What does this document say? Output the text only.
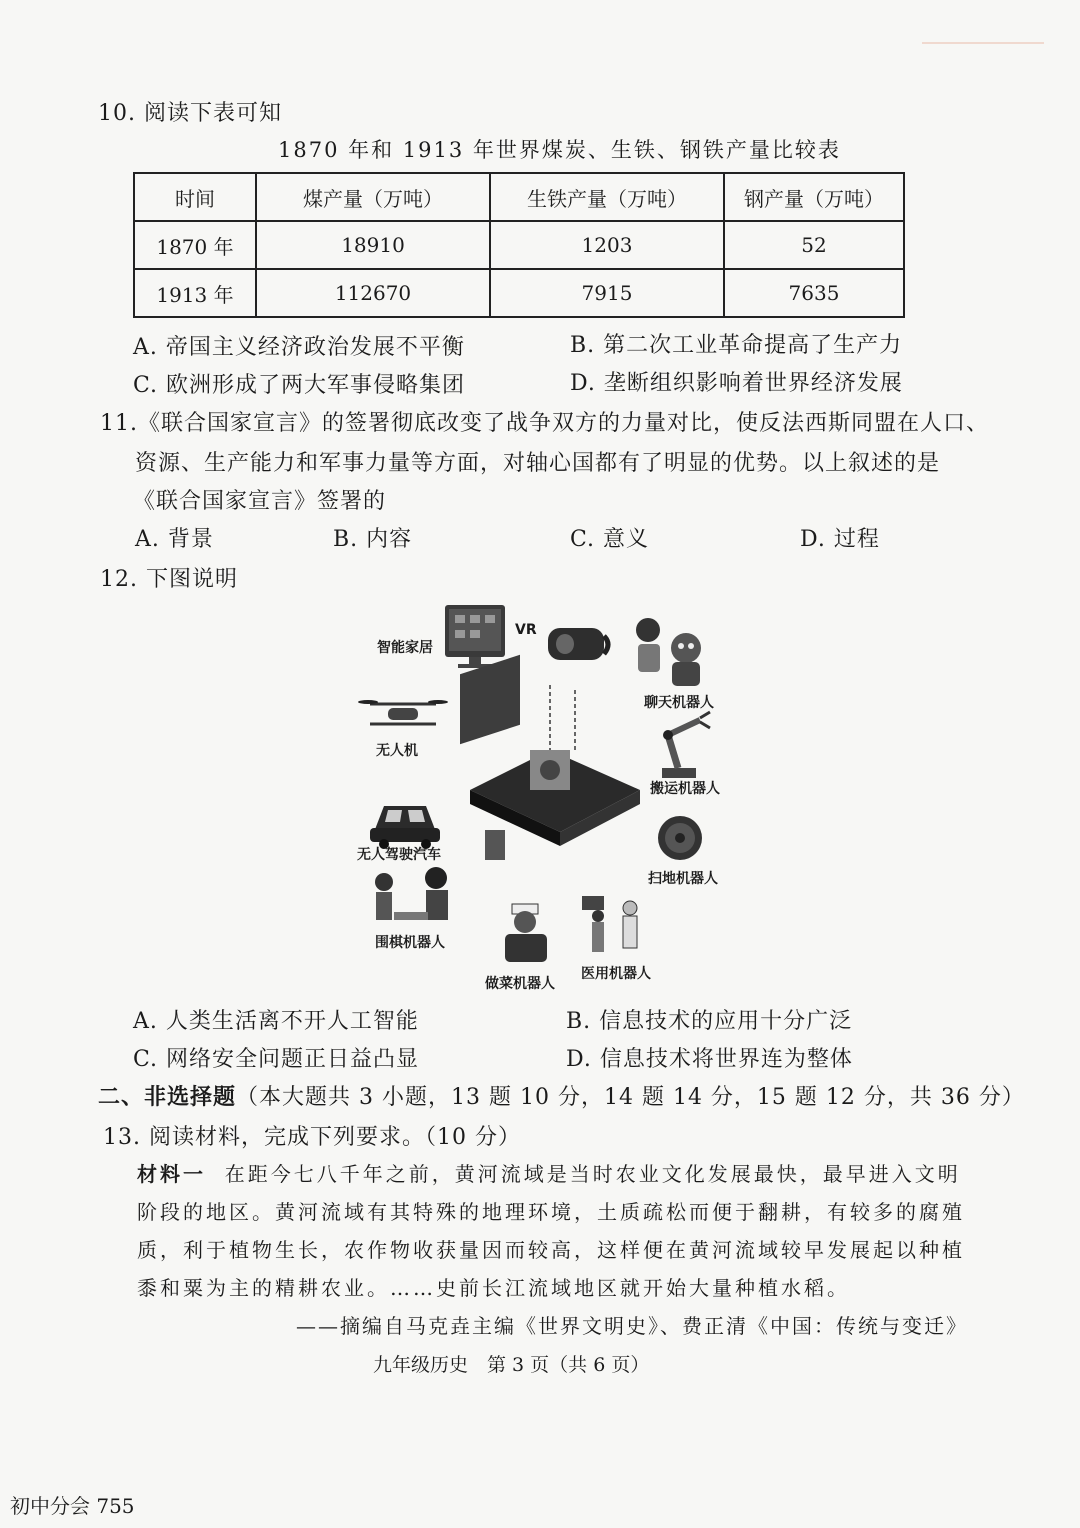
10. 阅读下表可知
1870 年和 1913 年世界煤炭、生铁、钢铁产量比较表
时间	煤产量（万吨）	生铁产量（万吨）	钢产量（万吨）
1870 年	18910	1203	52
1913 年	112670	7915	7635
A. 帝国主义经济政治发展不平衡	B. 第二次工业革命提高了生产力
C. 欧洲形成了两大军事侵略集团	D. 垄断组织影响着世界经济发展
11.《联合国家宣言》的签署彻底改变了战争双方的力量对比，使反法西斯同盟在人口、
资源、生产能力和军事力量等方面，对轴心国都有了明显的优势。以上叙述的是
《联合国家宣言》签署的
A. 背景	B. 内容	C. 意义	D. 过程
12. 下图说明
智能家居
VR
聊天机器人
无人机
搬运机器人
无人驾驶汽车
扫地机器人
围棋机器人
做菜机器人
医用机器人
A. 人类生活离不开人工智能	B. 信息技术的应用十分广泛
C. 网络安全问题正日益凸显	D. 信息技术将世界连为整体
二、非选择题（本大题共 3 小题，13 题 10 分，14 题 14 分，15 题 12 分，共 36 分）
13. 阅读材料，完成下列要求。（10 分）
材料一 在距今七八千年之前，黄河流域是当时农业文化发展最快，最早进入文明
阶段的地区。黄河流域有其特殊的地理环境，土质疏松而便于翻耕，有较多的腐殖
质，利于植物生长，农作物收获量因而较高，这样便在黄河流域较早发展起以种植
黍和粟为主的精耕农业。……史前长江流域地区就开始大量种植水稻。
——摘编自马克垚主编《世界文明史》、费正清《中国：传统与变迁》
九年级历史　第 3 页（共 6 页）
初中分会 755
